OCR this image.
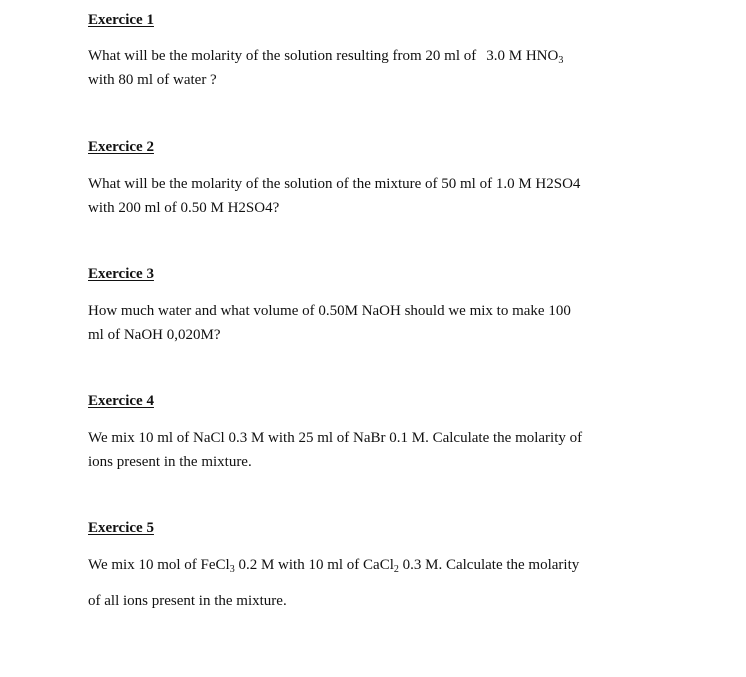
Exercice 1

What will be the molarity of the solution resulting from 20 ml of 3.0 M $HNO_3$
with 80 ml of water ?

Exercice 2

What will be the molarity of the solution of the mixture of 50 ml of 1.0 M H2SO4
with 200 ml of 0.50 M H2SO4?

Exercice 3

How much water and what volume of 0.50M NaOH should we mix to make 100
ml of NaOH 0,020M?

Exercice 4

We mix 10 ml of NaCl 0.3 M with 25 ml of NaBr 0.1 M. Calculate the molarity of
ions present in the mixture.

Exercice 5

We mix 10 mol of FeCl$_3$ 0.2 M with 10 ml of CaCl$_2$ 0.3 M. Calculate the molarity
of all ions present in the mixture.
